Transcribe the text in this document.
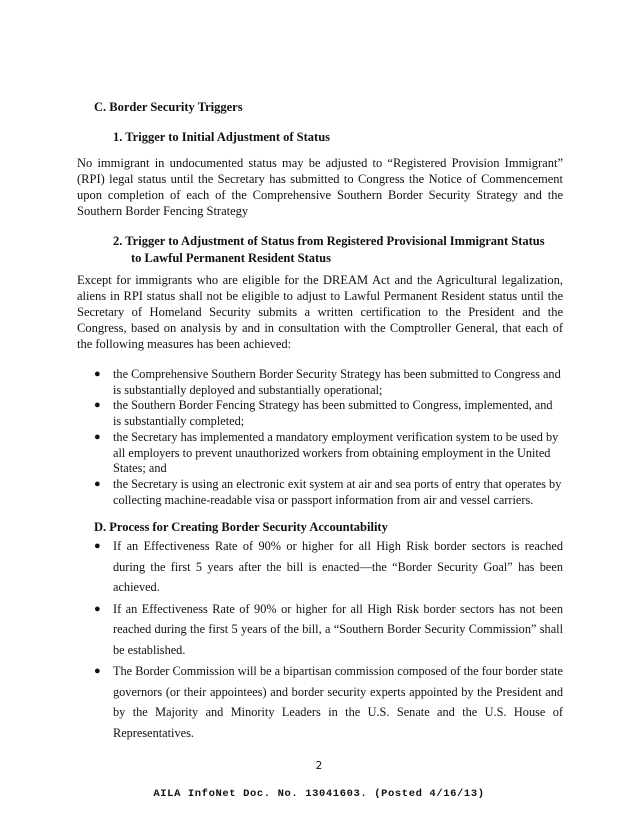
C. Border Security Triggers
1. Trigger to Initial Adjustment of Status
No immigrant in undocumented status may be adjusted to “Registered Provision Immigrant” (RPI) legal status until the Secretary has submitted to Congress the Notice of Commencement upon completion of each of the Comprehensive Southern Border Security Strategy and the Southern Border Fencing Strategy
2. Trigger to Adjustment of Status from Registered Provisional Immigrant Status
to Lawful Permanent Resident Status
Except for immigrants who are eligible for the DREAM Act and the Agricultural legalization, aliens in RPI status shall not be eligible to adjust to Lawful Permanent Resident status until the Secretary of Homeland Security submits a written certification to the President and the Congress, based on analysis by and in consultation with the Comptroller General, that each of the following measures has been achieved:
● the Comprehensive Southern Border Security Strategy has been submitted to Congress and is substantially deployed and substantially operational;
● the Southern Border Fencing Strategy has been submitted to Congress, implemented, and is substantially completed;
● the Secretary has implemented a mandatory employment verification system to be used by all employers to prevent unauthorized workers from obtaining employment in the United States; and
● the Secretary is using an electronic exit system at air and sea ports of entry that operates by collecting machine-readable visa or passport information from air and vessel carriers.
D. Process for Creating Border Security Accountability
● If an Effectiveness Rate of 90% or higher for all High Risk border sectors is reached during the first 5 years after the bill is enacted—the “Border Security Goal” has been achieved.
● If an Effectiveness Rate of 90% or higher for all High Risk border sectors has not been reached during the first 5 years of the bill, a “Southern Border Security Commission” shall be established.
● The Border Commission will be a bipartisan commission composed of the four border state governors (or their appointees) and border security experts appointed by the President and by the Majority and Minority Leaders in the U.S. Senate and the U.S. House of Representatives.
2
AILA InfoNet Doc. No. 13041603. (Posted 4/16/13)
